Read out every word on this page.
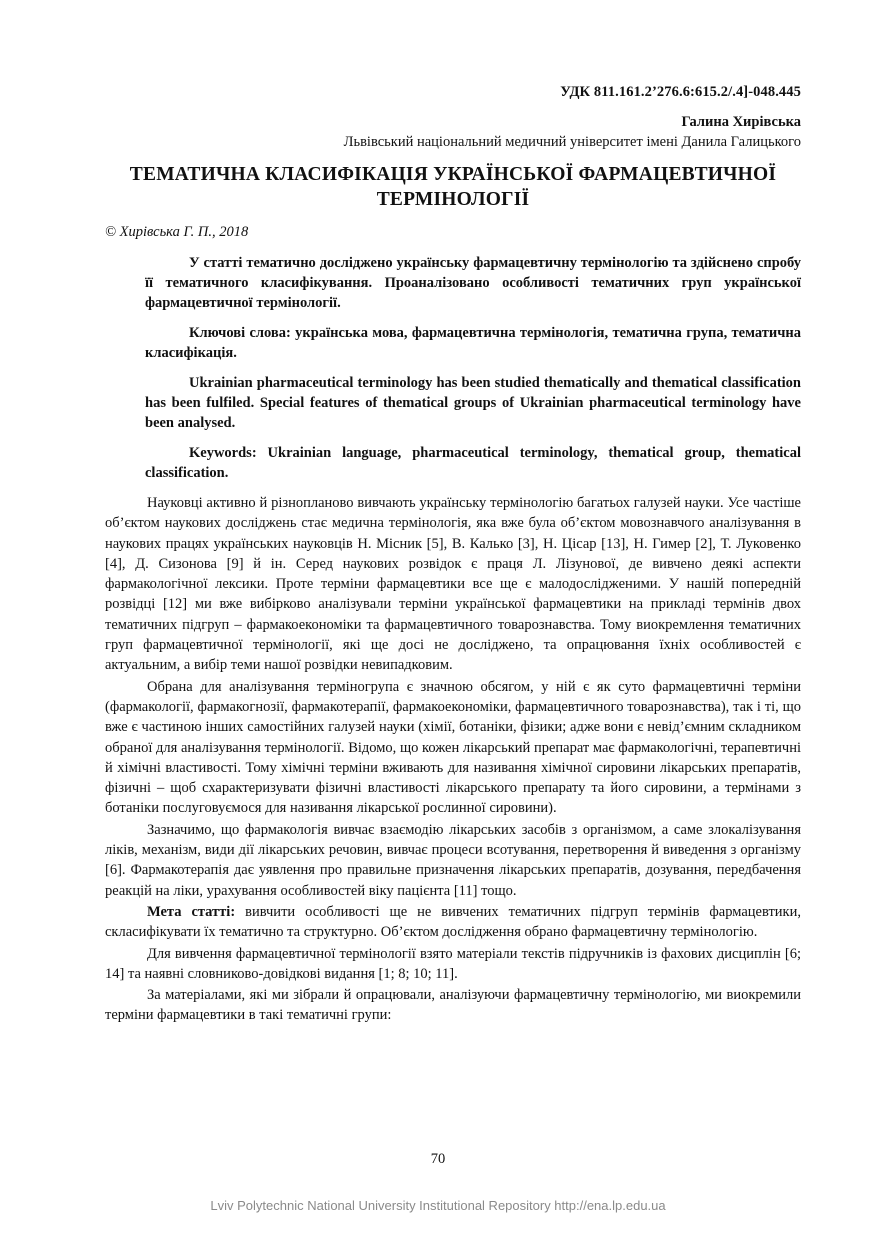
УДК 811.161.2’276.6:615.2/.4]-048.445
Галина Хирівська
Львівський національний медичний університет імені Данила Галицького
ТЕМАТИЧНА КЛАСИФІКАЦІЯ УКРАЇНСЬКОЇ ФАРМАЦЕВТИЧНОЇ
ТЕРМІНОЛОГІЇ
© Хирівська Г. П., 2018

У статті тематично досліджено українську фармацевтичну термінологію та здійснено спробу її тематичного класифікування. Проаналізовано особливості тематичних груп української фармацевтичної термінології.

Ключові слова: українська мова, фармацевтична термінологія, тематична група, тематична класифікація.

Ukrainian pharmaceutical terminology has been studied thematically and thematical classification has been fulfiled. Special features of thematical groups of Ukrainian pharmaceutical terminology have been analysed.

Keywords: Ukrainian language, pharmaceutical terminology, thematical group, thematical classification.

Науковці активно й різнопланово вивчають українську термінологію багатьох галузей науки. Усе частіше об’єктом наукових досліджень стає медична термінологія, яка вже була об’єктом мовознавчого аналізування в наукових працях українських науковців Н. Місник [5], В. Калько [3], Н. Цісар [13], Н. Гимер [2], Т. Луковенко [4], Д. Сизонова [9] й ін. Серед наукових розвідок є праця Л. Лізунової, де вивчено деякі аспекти фармакологічної лексики. Проте терміни фармацевтики все ще є малодослідженими. У нашій попередній розвідці [12] ми вже вибірково аналізували терміни української фармацевтики на прикладі термінів двох тематичних підгруп – фармакоекономіки та фармацевтичного товарознавства. Тому виокремлення тематичних груп фармацевтичної термінології, які ще досі не досліджено, та опрацювання їхніх особливостей є актуальним, а вибір теми нашої розвідки невипадковим.

Обрана для аналізування терміногрупа є значною обсягом, у ній є як суто фармацевтичні терміни (фармакології, фармакогнозії, фармакотерапії, фармакоекономіки, фармацевтичного товарознавства), так і ті, що вже є частиною інших самостійних галузей науки (хімії, ботаніки, фізики; адже вони є невід’ємним складником обраної для аналізування термінології. Відомо, що кожен лікарський препарат має фармакологічні, терапевтичні й хімічні властивості. Тому хімічні терміни вживають для називання хімічної сировини лікарських препаратів, фізичні – щоб схарактеризувати фізичні властивості лікарського препарату та його сировини, а термінами з ботаніки послуговуємося для називання лікарської рослинної сировини).

Зазначимо, що фармакологія вивчає взаємодію лікарських засобів з організмом, а саме злокалізування ліків, механізм, види дії лікарських речовин, вивчає процеси всотування, перетворення й виведення з організму [6]. Фармакотерапія дає уявлення про правильне призначення лікарських препаратів, дозування, передбачення реакцій на ліки, урахування особливостей віку пацієнта [11] тощо.

Мета статті: вивчити особливості ще не вивчених тематичних підгруп термінів фармацевтики, скласифікувати їх тематично та структурно. Об’єктом дослідження обрано фармацевтичну термінологію.

Для вивчення фармацевтичної термінології взято матеріали текстів підручників із фахових дисциплін [6; 14] та наявні словниково-довідкові видання [1; 8; 10; 11].

За матеріалами, які ми зібрали й опрацювали, аналізуючи фармацевтичну термінологію, ми виокремили терміни фармацевтики в такі тематичні групи:

70
Lviv Polytechnic National University Institutional Repository http://ena.lp.edu.ua
